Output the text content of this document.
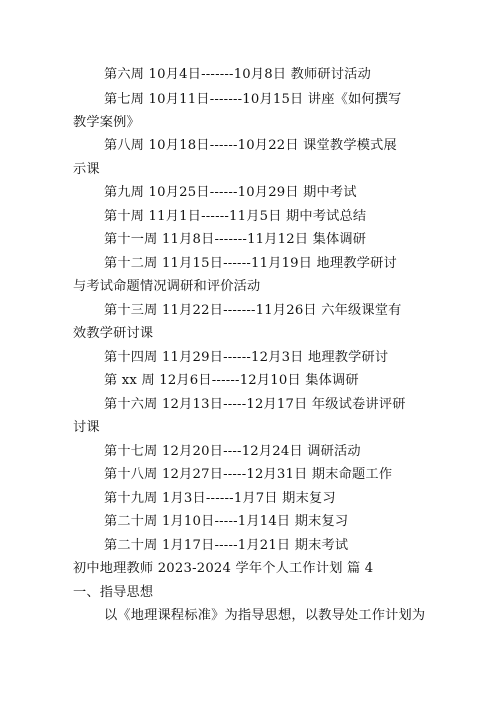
第六周 10月4日-------10月8日 教师研讨活动
第七周 10月11日-------10月15日 讲座《如何撰写
教学案例》
第八周 10月18日------10月22日 课堂教学模式展
示课
第九周 10月25日------10月29日 期中考试
第十周 11月1日------11月5日 期中考试总结
第十一周 11月8日-------11月12日 集体调研
第十二周 11月15日------11月19日 地理教学研讨
与考试命题情况调研和评价活动
第十三周 11月22日-------11月26日 六年级课堂有
效教学研讨课
第十四周 11月29日------12月3日 地理教学研讨
第 xx 周 12月6日------12月10日 集体调研
第十六周 12月13日-----12月17日 年级试卷讲评研
讨课
第十七周 12月20日----12月24日 调研活动
第十八周 12月27日-----12月31日 期末命题工作
第十九周 1月3日------1月7日 期末复习
第二十周 1月10日-----1月14日 期末复习
第二十周 1月17日-----1月21日 期末考试
初中地理教师 2023-2024 学年个人工作计划 篇 4
一、指导思想
以《地理课程标准》为指导思想，以教导处工作计划为
